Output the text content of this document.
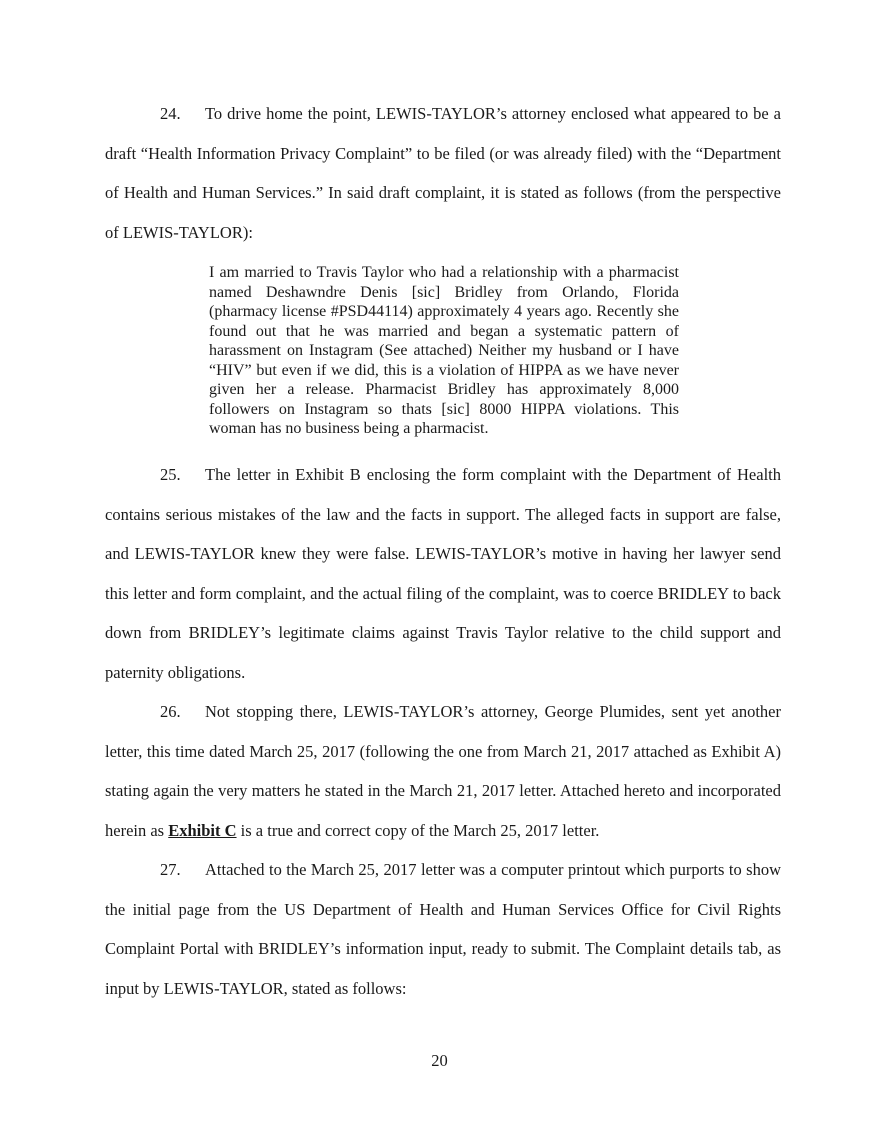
24. To drive home the point, LEWIS-TAYLOR’s attorney enclosed what appeared to be a draft “Health Information Privacy Complaint” to be filed (or was already filed) with the “Department of Health and Human Services.” In said draft complaint, it is stated as follows (from the perspective of LEWIS-TAYLOR):

I am married to Travis Taylor who had a relationship with a pharmacist named Deshawndre Denis [sic] Bridley from Orlando, Florida (pharmacy license #PSD44114) approximately 4 years ago. Recently she found out that he was married and began a systematic pattern of harassment on Instagram (See attached) Neither my husband or I have “HIV” but even if we did, this is a violation of HIPPA as we have never given her a release. Pharmacist Bridley has approximately 8,000 followers on Instagram so thats [sic] 8000 HIPPA violations. This woman has no business being a pharmacist.

25. The letter in Exhibit B enclosing the form complaint with the Department of Health contains serious mistakes of the law and the facts in support. The alleged facts in support are false, and LEWIS-TAYLOR knew they were false. LEWIS-TAYLOR’s motive in having her lawyer send this letter and form complaint, and the actual filing of the complaint, was to coerce BRIDLEY to back down from BRIDLEY’s legitimate claims against Travis Taylor relative to the child support and paternity obligations.

26. Not stopping there, LEWIS-TAYLOR’s attorney, George Plumides, sent yet another letter, this time dated March 25, 2017 (following the one from March 21, 2017 attached as Exhibit A) stating again the very matters he stated in the March 21, 2017 letter. Attached hereto and incorporated herein as Exhibit C is a true and correct copy of the March 25, 2017 letter.

27. Attached to the March 25, 2017 letter was a computer printout which purports to show the initial page from the US Department of Health and Human Services Office for Civil Rights Complaint Portal with BRIDLEY’s information input, ready to submit. The Complaint details tab, as input by LEWIS-TAYLOR, stated as follows:

20
